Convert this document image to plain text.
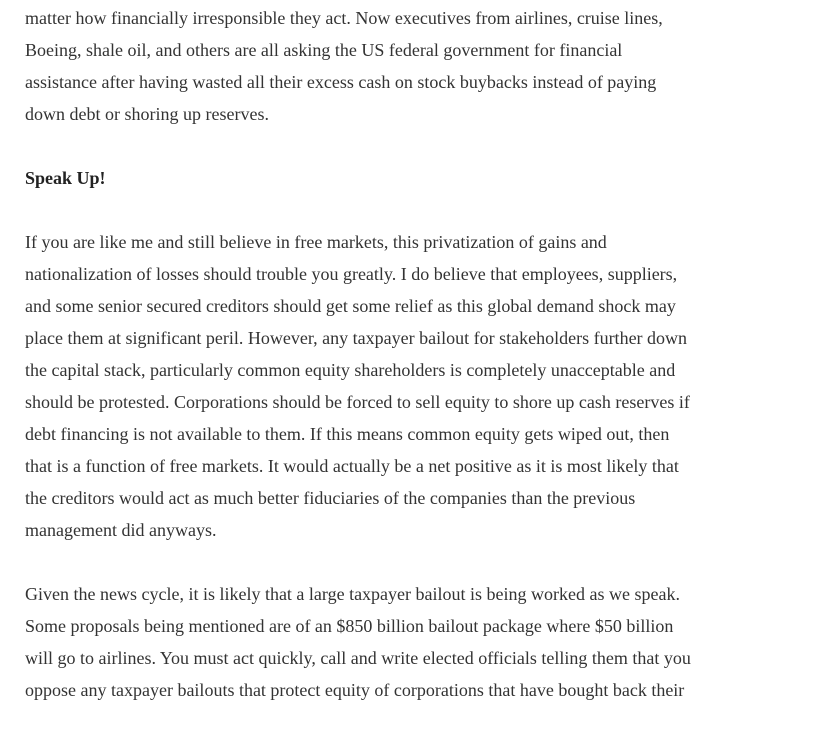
matter how financially irresponsible they act. Now executives from airlines, cruise lines,
Boeing, shale oil, and others are all asking the US federal government for financial
assistance after having wasted all their excess cash on stock buybacks instead of paying
down debt or shoring up reserves.

Speak Up!

If you are like me and still believe in free markets, this privatization of gains and
nationalization of losses should trouble you greatly. I do believe that employees, suppliers,
and some senior secured creditors should get some relief as this global demand shock may
place them at significant peril. However, any taxpayer bailout for stakeholders further down
the capital stack, particularly common equity shareholders is completely unacceptable and
should be protested. Corporations should be forced to sell equity to shore up cash reserves if
debt financing is not available to them. If this means common equity gets wiped out, then
that is a function of free markets. It would actually be a net positive as it is most likely that
the creditors would act as much better fiduciaries of the companies than the previous
management did anyways.

Given the news cycle, it is likely that a large taxpayer bailout is being worked as we speak.
Some proposals being mentioned are of an $850 billion bailout package where $50 billion
will go to airlines. You must act quickly, call and write elected officials telling them that you
oppose any taxpayer bailouts that protect equity of corporations that have bought back their
